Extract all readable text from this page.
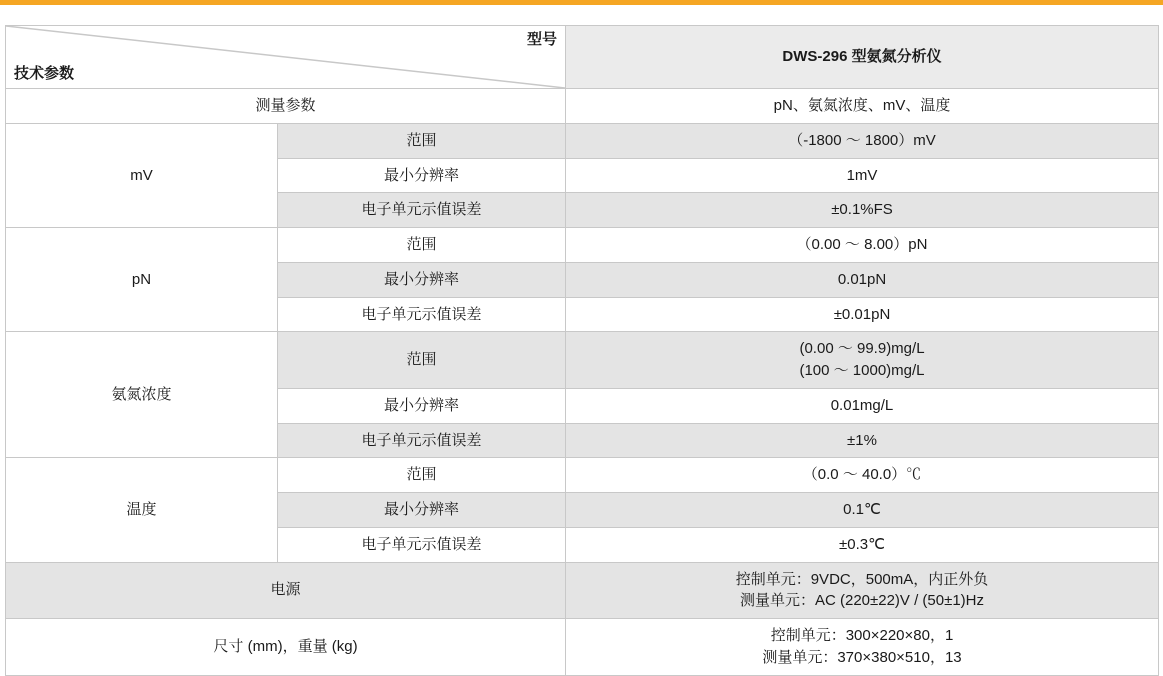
型号
技术参数		DWS-296 型氨氮分析仪
测量参数		pN、氨氮浓度、mV、温度
mV	范围	（-1800 ～ 1800）mV
	最小分辨率	1mV
	电子单元示值误差	±0.1%FS
pN	范围	（0.00 ～ 8.00）pN
	最小分辨率	0.01pN
	电子单元示值误差	±0.01pN
氨氮浓度	范围	(0.00 ～ 99.9)mg/L
(100 ～ 1000)mg/L

	最小分辨率	0.01mg/L
	电子单元示值误差	±1%
温度	范围	（0.0 ～ 40.0）℃
	最小分辨率	0.1℃
	电子单元示值误差	±0.3℃
电源		控制单元：9VDC，500mA，内正外负
测量单元：AC (220±22)V / (50±1)Hz

尺寸 (mm)，重量 (kg)		控制单元：300×220×80，1
测量单元：370×380×510，13
